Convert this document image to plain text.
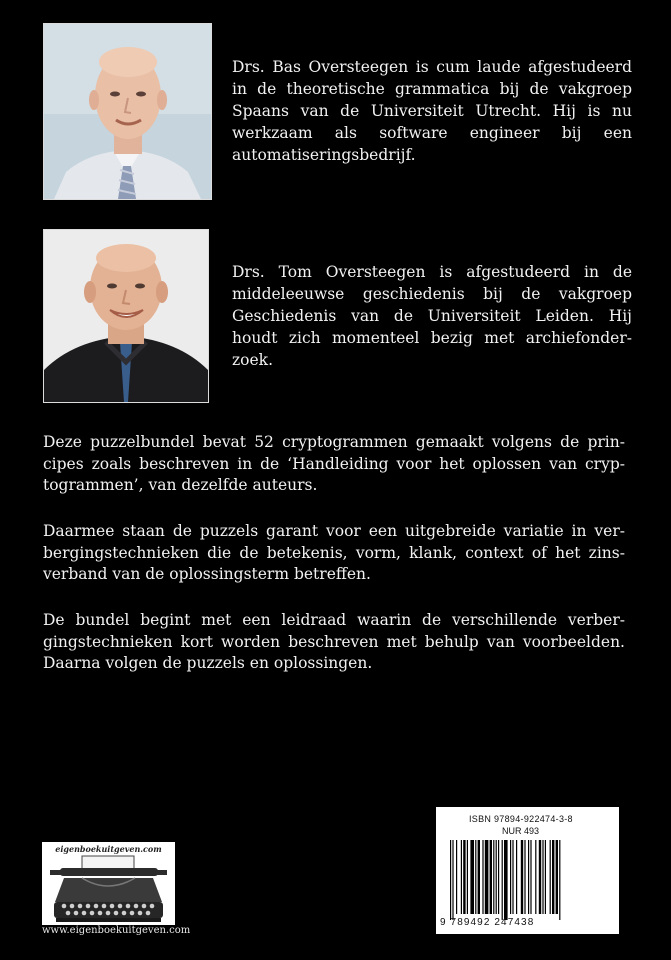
Drs. Bas Oversteegen is cum laude afgestudeerd in de theoretische grammatica bij de vakgroep Spaans van de Universiteit Utrecht. Hij is nu werkzaam als software engineer bij een automatiseringsbedrijf.
Drs. Tom Oversteegen is afgestudeerd in de middeleeuwse geschiedenis bij de vakgroep Geschiedenis van de Universiteit Leiden. Hij houdt zich momenteel bezig met archiefonderzoek.
Deze puzzelbundel bevat 52 cryptogrammen gemaakt volgens de principes zoals beschreven in de ‘Handleiding voor het oplossen van cryptogrammen’, van dezelfde auteurs.
Daarmee staan de puzzels garant voor een uitgebreide variatie in verbergingstechnieken die de betekenis, vorm, klank, context of het zinsverband van de oplossingsterm betreffen.
De bundel begint met een leidraad waarin de verschillende verbergingstechnieken kort worden beschreven met behulp van voorbeelden. Daarna volgen de puzzels en oplossingen.
ISBN 97894-922474-3-8
NUR 493
9 789492 247438
eigenboekuitgeven.com
www.eigenboekuitgeven.com
